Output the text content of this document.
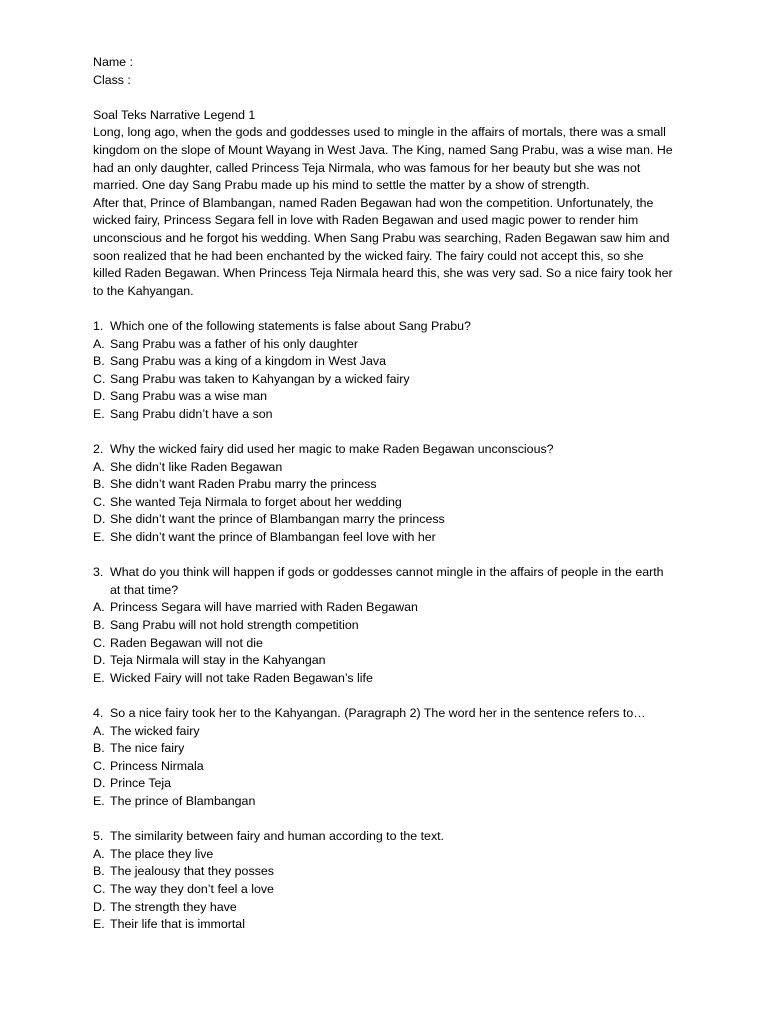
Name :
Class :
Soal Teks Narrative Legend 1
Long, long ago, when the gods and goddesses used to mingle in the affairs of mortals, there was a small kingdom on the slope of Mount Wayang in West Java. The King, named Sang Prabu, was a wise man. He had an only daughter, called Princess Teja Nirmala, who was famous for her beauty but she was not married. One day Sang Prabu made up his mind to settle the matter by a show of strength.
After that, Prince of Blambangan, named Raden Begawan had won the competition. Unfortunately, the wicked fairy, Princess Segara fell in love with Raden Begawan and used magic power to render him unconscious and he forgot his wedding. When Sang Prabu was searching, Raden Begawan saw him and soon realized that he had been enchanted by the wicked fairy. The fairy could not accept this, so she killed Raden Begawan. When Princess Teja Nirmala heard this, she was very sad. So a nice fairy took her to the Kahyangan.
1. Which one of the following statements is false about Sang Prabu?
A. Sang Prabu was a father of his only daughter
B. Sang Prabu was a king of a kingdom in West Java
C. Sang Prabu was taken to Kahyangan by a wicked fairy
D. Sang Prabu was a wise man
E. Sang Prabu didn’t have a son
2. Why the wicked fairy did used her magic to make Raden Begawan unconscious?
A. She didn’t like Raden Begawan
B. She didn’t want Raden Prabu marry the princess
C. She wanted Teja Nirmala to forget about her wedding
D. She didn’t want the prince of Blambangan marry the princess
E. She didn’t want the prince of Blambangan feel love with her
3. What do you think will happen if gods or goddesses cannot mingle in the affairs of people in the earth at that time?
A. Princess Segara will have married with Raden Begawan
B. Sang Prabu will not hold strength competition
C. Raden Begawan will not die
D. Teja Nirmala will stay in the Kahyangan
E. Wicked Fairy will not take Raden Begawan’s life
4. So a nice fairy took her to the Kahyangan. (Paragraph 2) The word her in the sentence refers to…
A. The wicked fairy
B. The nice fairy
C. Princess Nirmala
D. Prince Teja
E. The prince of Blambangan
5. The similarity between fairy and human according to the text.
A. The place they live
B. The jealousy that they posses
C. The way they don’t feel a love
D. The strength they have
E. Their life that is immortal
